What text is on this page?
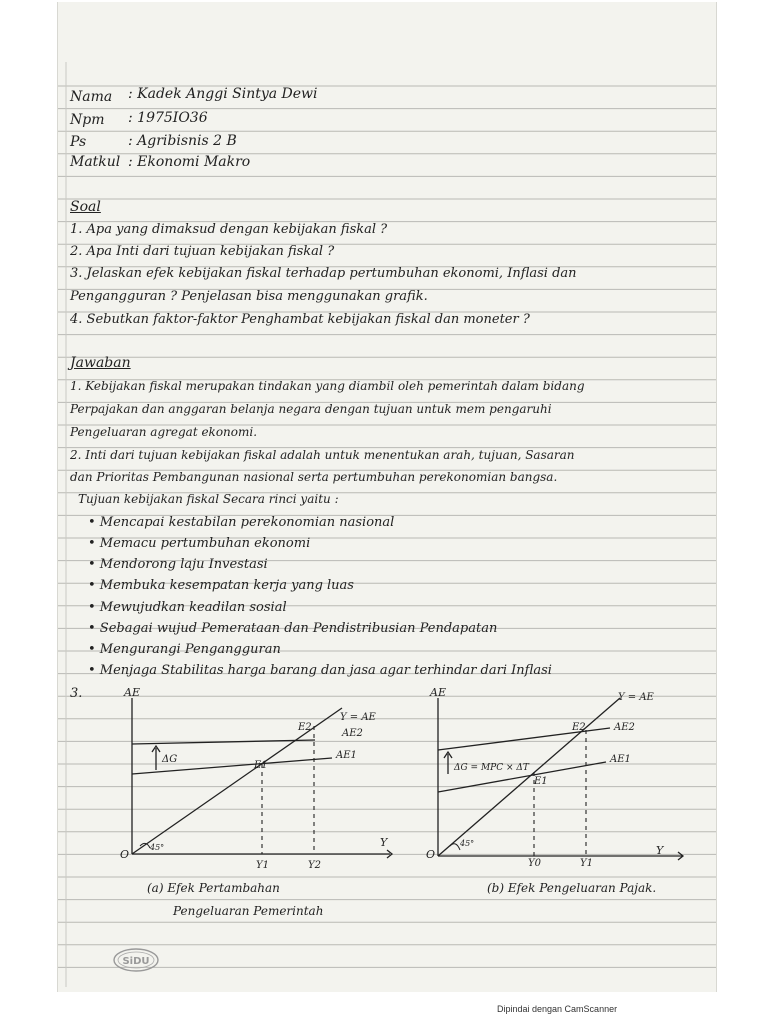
Nama : Kadek Anggi Sintya Dewi
Npm : 1975IO36
Ps	: Agribisnis 2 B
Matkul : Ekonomi Makro
Soal
1. Apa yang dimaksud dengan kebijakan fiskal ?
2. Apa Inti dari tujuan kebijakan fiskal ?
3. Jelaskan efek kebijakan fiskal terhadap pertumbuhan ekonomi, Inflasi dan
Pengangguran ? Penjelasan bisa menggunakan grafik.
4. Sebutkan faktor-faktor Penghambat kebijakan fiskal dan moneter ?
Jawaban
1. Kebijakan fiskal merupakan tindakan yang diambil oleh pemerintah dalam bidang
Perpajakan dan anggaran belanja negara dengan tujuan untuk mem pengaruhi
Pengeluaran agregat ekonomi.
2. Inti dari tujuan kebijakan fiskal adalah untuk menentukan arah, tujuan, Sasaran
dan Prioritas Pembangunan nasional serta pertumbuhan perekonomian bangsa.
Tujuan kebijakan fiskal Secara rinci yaitu :
• Mencapai kestabilan perekonomian nasional
• Memacu pertumbuhan ekonomi
• Mendorong laju Investasi
• Membuka kesempatan kerja yang luas
• Mewujudkan keadilan sosial
• Sebagai wujud Pemerataan dan Pendistribusian Pendapatan
• Mengurangi Pengangguran
• Menjaga Stabilitas harga barang dan jasa agar terhindar dari Inflasi
3.	AE
Y
O
Y = AE
AE2
AE1
E2
E1
ΔG
45°
Y1	Y2
(a) Efek Pertambahan
Pengeluaran Pemerintah
AE
Y
O
Y = AE
AE2
AE1
E2
E1
ΔG = MPC × ΔT
45°
Y0	Y1
(b) Efek Pengeluaran Pajak.
SiDU
Dipindai dengan CamScanner
